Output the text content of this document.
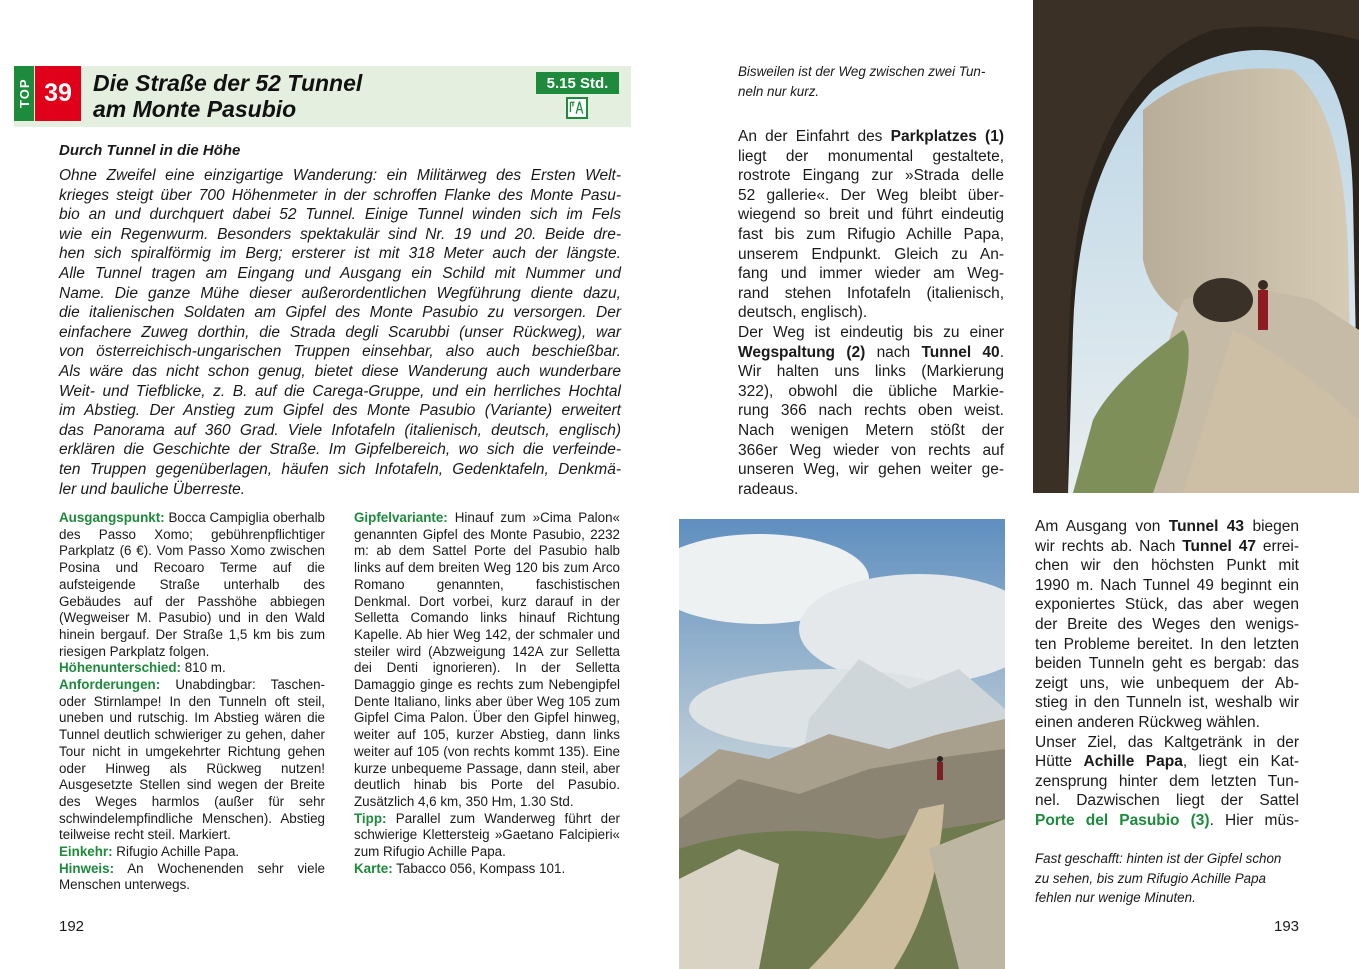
TOP 39 Die Straße der 52 Tunnel
am Monte Pasubio
5.15 Std.
Durch Tunnel in die Höhe
Ohne Zweifel eine einzigartige Wanderung: ein Militärweg des Ersten Welt-
krieges steigt über 700 Höhenmeter in der schroffen Flanke des Monte Pasu-
bio an und durchquert dabei 52 Tunnel. Einige Tunnel winden sich im Fels
wie ein Regenwurm. Besonders spektakulär sind Nr. 19 und 20. Beide dre-
hen sich spiralförmig im Berg; ersterer ist mit 318 Meter auch der längste.
Alle Tunnel tragen am Eingang und Ausgang ein Schild mit Nummer und
Name. Die ganze Mühe dieser außerordentlichen Wegführung diente dazu,
die italienischen Soldaten am Gipfel des Monte Pasubio zu versorgen. Der
einfachere Zuweg dorthin, die Strada degli Scarubbi (unser Rückweg), war
von österreichisch-ungarischen Truppen einsehbar, also auch beschießbar.
Als wäre das nicht schon genug, bietet diese Wanderung auch wunderbare
Weit- und Tiefblicke, z. B. auf die Carega-Gruppe, und ein herrliches Hochtal
im Abstieg. Der Anstieg zum Gipfel des Monte Pasubio (Variante) erweitert
das Panorama auf 360 Grad. Viele Infotafeln (italienisch, deutsch, englisch)
erklären die Geschichte der Straße. Im Gipfelbereich, wo sich die verfeinde-
ten Truppen gegenüberlagen, häufen sich Infotafeln, Gedenktafeln, Denkmä-
ler und bauliche Überreste.

Ausgangspunkt: Bocca Campiglia oberhalb des Passo Xomo; gebührenpflichtiger Parkplatz (6 €). Vom Passo Xomo zwischen Posina und Recoaro Terme auf die aufsteigende Straße unterhalb des Gebäudes auf der Passhöhe abbiegen (Wegweiser M. Pasubio) und in den Wald hinein bergauf. Der Straße 1,5 km bis zum riesigen Parkplatz folgen.

Höhenunterschied: 810 m.

Anforderungen: Unabdingbar: Taschen- oder Stirnlampe! In den Tunneln oft steil, uneben und rutschig. Im Abstieg wären die Tunnel deutlich schwieriger zu gehen, daher Tour nicht in umgekehrter Richtung gehen oder Hinweg als Rückweg nutzen! Ausgesetzte Stellen sind wegen der Breite des Weges harmlos (außer für sehr schwindelempfindliche Menschen). Abstieg teilweise recht steil. Markiert.

Einkehr: Rifugio Achille Papa.

Hinweis: An Wochenenden sehr viele Menschen unterwegs.

Gipfelvariante: Hinauf zum »Cima Palon« genannten Gipfel des Monte Pasubio, 2232 m: ab dem Sattel Porte del Pasubio halb links auf dem breiten Weg 120 bis zum Arco Romano genannten, faschistischen Denkmal. Dort vorbei, kurz darauf in der Selletta Comando links hinauf Richtung Kapelle. Ab hier Weg 142, der schmaler und steiler wird (Abzweigung 142A zur Selletta dei Denti ignorieren). In der Selletta Damaggio ginge es rechts zum Nebengipfel Dente Italiano, links aber über Weg 105 zum Gipfel Cima Palon. Über den Gipfel hinweg, weiter auf 105, kurzer Abstieg, dann links weiter auf 105 (von rechts kommt 135). Eine kurze unbequeme Passage, dann steil, aber deutlich hinab bis Porte del Pasubio. Zusätzlich 4,6 km, 350 Hm, 1.30 Std.

Tipp: Parallel zum Wanderweg führt der schwierige Klettersteig »Gaetano Falcipieri« zum Rifugio Achille Papa.

Karte: Tabacco 056, Kompass 101.

192
Bisweilen ist der Weg zwischen zwei Tun-
neln nur kurz.
An der Einfahrt des Parkplatzes (1)
liegt der monumental gestaltete,
rostrote Eingang zur »Strada delle
52 gallerie«. Der Weg bleibt über-
wiegend so breit und führt eindeutig
fast bis zum Rifugio Achille Papa,
unserem Endpunkt. Gleich zu An-
fang und immer wieder am Weg-
rand stehen Infotafeln (italienisch,
deutsch, englisch).
Der Weg ist eindeutig bis zu einer
Wegspaltung (2) nach Tunnel 40.
Wir halten uns links (Markierung
322), obwohl die übliche Markie-
rung 366 nach rechts oben weist.
Nach wenigen Metern stößt der
366er Weg wieder von rechts auf
unseren Weg, wir gehen weiter ge-
radeaus.
Am Ausgang von Tunnel 43 biegen
wir rechts ab. Nach Tunnel 47 errei-
chen wir den höchsten Punkt mit
1990 m. Nach Tunnel 49 beginnt ein
exponiertes Stück, das aber wegen
der Breite des Weges den wenigs-
ten Probleme bereitet. In den letzten
beiden Tunneln geht es bergab: das
zeigt uns, wie unbequem der Ab-
stieg in den Tunneln ist, weshalb wir
einen anderen Rückweg wählen.
Unser Ziel, das Kaltgetränk in der
Hütte Achille Papa, liegt ein Kat-
zensprung hinter dem letzten Tun-
nel. Dazwischen liegt der Sattel
Porte del Pasubio (3). Hier müs-
Fast geschafft: hinten ist der Gipfel schon
zu sehen, bis zum Rifugio Achille Papa
fehlen nur wenige Minuten.
193
